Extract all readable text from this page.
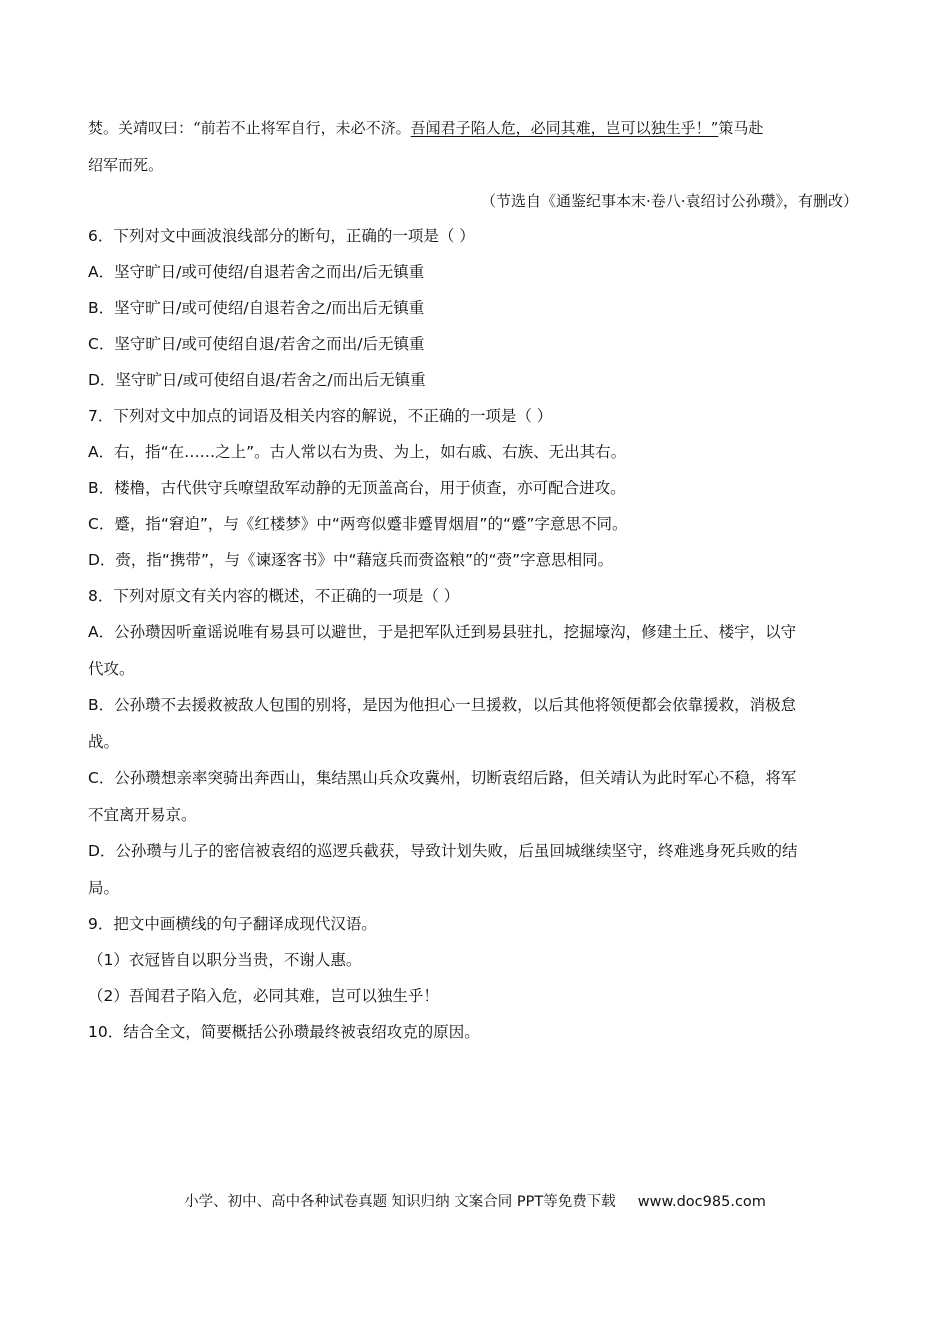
焚。关靖叹曰：“前若不止将军自行，未必不济。吾闻君子陷人危，必同其难，岂可以独生乎！”策马赴
绍军而死。
（节选自《通鉴纪事本末·卷八·袁绍讨公孙瓒》，有删改）
6．下列对文中画波浪线部分的断句，正确的一项是（ ）
A．坚守旷日/或可使绍/自退若舍之而出/后无镇重
B．坚守旷日/或可使绍/自退若舍之/而出后无镇重
C．坚守旷日/或可使绍自退/若舍之而出/后无镇重
D．坚守旷日/或可使绍自退/若舍之/而出后无镇重
7．下列对文中加点的词语及相关内容的解说，不正确的一项是（ ）
A．右，指“在……之上”。古人常以右为贵、为上，如右戚、右族、无出其右。
B．楼橹，古代供守兵嘹望敌军动静的无顶盖高台，用于侦查，亦可配合进攻。
C．蹙，指“窘迫”，与《红楼梦》中“两弯似蹙非蹙胃烟眉”的“蹙”字意思不同。
D．赍，指“携带”，与《谏逐客书》中“藉寇兵而赍盗粮”的“赍”字意思相同。
8．下列对原文有关内容的概述，不正确的一项是（ ）
A．公孙瓒因听童谣说唯有易县可以避世，于是把军队迁到易县驻扎，挖掘壕沟，修建土丘、楼宇，以守
代攻。
B．公孙瓒不去援救被敌人包围的别将，是因为他担心一旦援救，以后其他将领便都会依靠援救，消极怠
战。
C．公孙瓒想亲率突骑出奔西山，集结黑山兵众攻冀州，切断袁绍后路，但关靖认为此时军心不稳，将军
不宜离开易京。
D．公孙瓒与儿子的密信被袁绍的巡逻兵截获，导致计划失败，后虽回城继续坚守，终难逃身死兵败的结
局。
9．把文中画横线的句子翻译成现代汉语。
（1）衣冠皆自以职分当贵，不谢人惠。
（2）吾闻君子陷入危，必同其难，岂可以独生乎！
10．结合全文，简要概括公孙瓒最终被袁绍攻克的原因。
小学、初中、高中各种试卷真题 知识归纳 文案合同 PPT等免费下载 www.doc985.com
